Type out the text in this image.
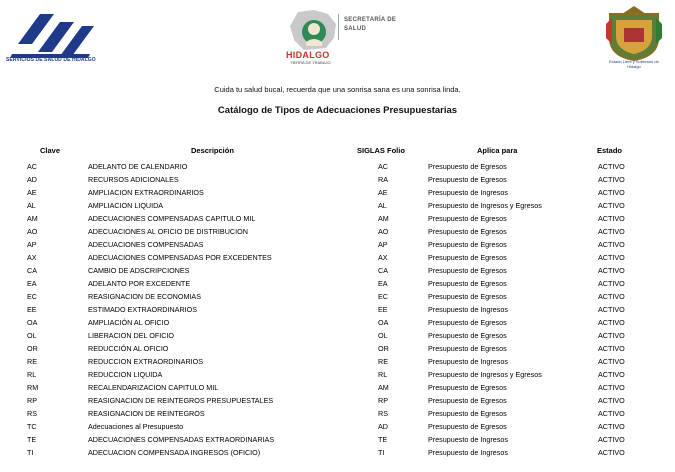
SERVICIOS DE SALUD DE HIDALGO	HIDALGO
TIERRA DE TRABAJO
SECRETARÍA DE SALUD
Estado Libre y Soberano de Hidalgo
Cuida tu salud bucal, recuerda que una sonrisa sana es una sonrisa linda.
Catálogo de Tipos de Adecuaciones Presupuestarias
Clave	Descripción	SIGLAS Folio	Aplica para	Estado
AC	ADELANTO DE CALENDARIO	AC	Presupuesto de Egresos	ACTIVO
AD	RECURSOS ADICIONALES	RA	Presupuesto de Egresos	ACTIVO
AE	AMPLIACION EXTRAORDINARIOS	AE	Presupuesto de Ingresos	ACTIVO
AL	AMPLIACION LIQUIDA	AL	Presupuesto de Ingresos y Egresos	ACTIVO
AM	ADECUACIONES COMPENSADAS CAPITULO MIL	AM	Presupuesto de Egresos	ACTIVO
AO	ADECUACIONES AL OFICIO DE DISTRIBUCION	AO	Presupuesto de Egresos	ACTIVO
AP	ADECUACIONES COMPENSADAS	AP	Presupuesto de Egresos	ACTIVO
AX	ADECUACIONES COMPENSADAS POR EXCEDENTES	AX	Presupuesto de Egresos	ACTIVO
CA	CAMBIO DE ADSCRIPCIONES	CA	Presupuesto de Egresos	ACTIVO
EA	ADELANTO POR EXCEDENTE	EA	Presupuesto de Egresos	ACTIVO
EC	REASIGNACION DE ECONOMIAS	EC	Presupuesto de Egresos	ACTIVO
EE	ESTIMADO EXTRAORDINARIOS	EE	Presupuesto de Ingresos	ACTIVO
OA	AMPLIACIÓN AL OFICIO	OA	Presupuesto de Egresos	ACTIVO
OL	LIBERACION DEL OFICIO	OL	Presupuesto de Egresos	ACTIVO
OR	REDUCCIÓN AL OFICIO	OR	Presupuesto de Egresos	ACTIVO
RE	REDUCCION EXTRAORDINARIOS	RE	Presupuesto de Ingresos	ACTIVO
RL	REDUCCION LIQUIDA	RL	Presupuesto de Ingresos y Egresos	ACTIVO
RM	RECALENDARIZACION CAPITULO MIL	AM	Presupuesto de Egresos	ACTIVO
RP	REASIGNACION DE REINTEGROS PRESUPUESTALES	RP	Presupuesto de Egresos	ACTIVO
RS	REASIGNACION DE REINTEGROS	RS	Presupuesto de Egresos	ACTIVO
TC	Adecuaciones al Presupuesto	AD	Presupuesto de Egresos	ACTIVO
TE	ADECUACIONES COMPENSADAS EXTRAORDINARIAS	TE	Presupuesto de Ingresos	ACTIVO
TI	ADECUACION COMPENSADA INGRESOS (OFICIO)	TI	Presupuesto de Ingresos	ACTIVO
